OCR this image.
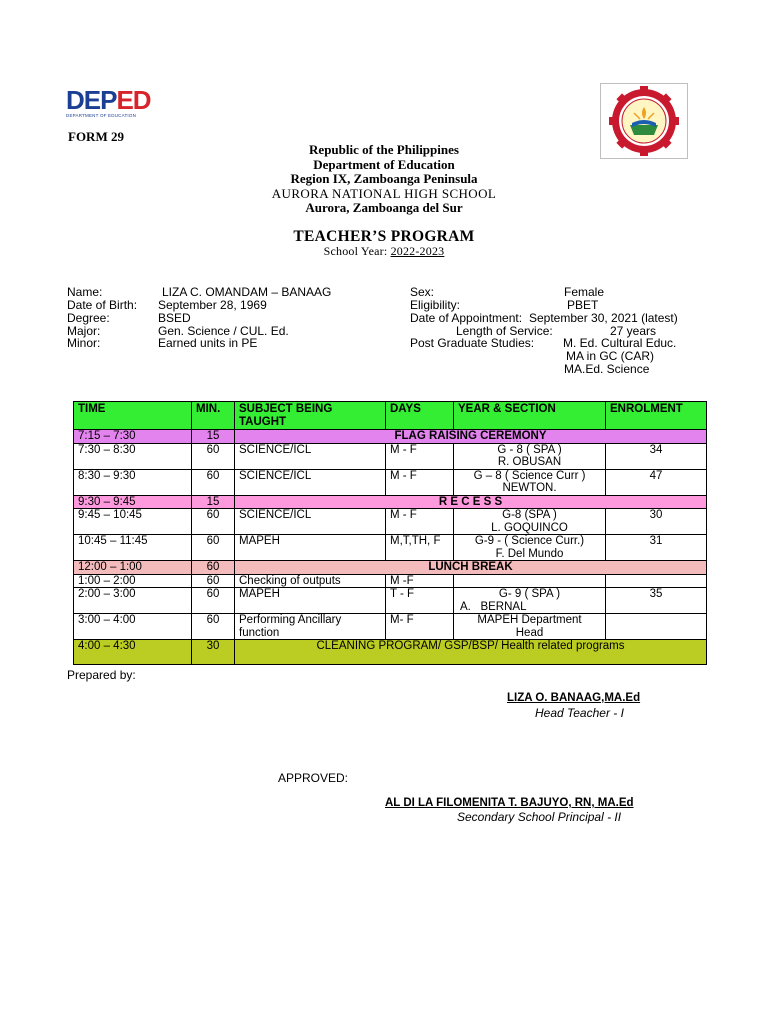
DEPED
DEPARTMENT OF EDUCATION
FORM 29
Republic of the Philippines
Department of Education
Region IX, Zamboanga Peninsula
AURORA NATIONAL HIGH SCHOOL
Aurora, Zamboanga del Sur
TEACHER’S PROGRAM
School Year: 2022-2023
Name:	LIZA C. OMANDAM – BANAAG
Date of Birth: September 28, 1969
Degree:	BSED
Major:	Gen. Science / CUL. Ed.
Minor:	Earned units in PE
Sex:	Female
Eligibility:	PBET
Date of Appointment: September 30, 2021 (latest)
Length of Service:	27 years
Post Graduate Studies: M. Ed. Cultural Educ.
MA in GC (CAR)
MA.Ed. Science
TIME	MIN.	SUBJECT BEING TAUGHT	DAYS	YEAR & SECTION	ENROLMENT
7:15 – 7:30	15	FLAG RAISING CEREMONY			
7:30 – 8:30	60	SCIENCE/ICL	M - F	G - 8 ( SPA )
R. OBUSAN	34
8:30 – 9:30	60	SCIENCE/ICL	M - F	G – 8 ( Science Curr )
NEWTON.	47
9:30 – 9:45	15	R E C E S S			
9:45 – 10:45	60	SCIENCE/ICL	M - F	G-8 (SPA )
L. GOQUINCO	30
10:45 – 11:45	60	MAPEH	M,T,TH, F	G-9 - ( Science Curr.)
F. Del Mundo	31
12:00 – 1:00	60	LUNCH BREAK			
1:00 – 2:00	60	Checking of outputs	M -F	

2:00 – 3:00	60	MAPEH	T - F	G- 9 ( SPA )
A.   BERNAL	35
3:00 – 4:00	60	Performing Ancillary function	M- F	MAPEH Department
Head	

4:00 – 4:30	30	CLEANING PROGRAM/ GSP/BSP/ Health related programs			
Prepared by:
LIZA O. BANAAG,MA.Ed
Head Teacher - I
APPROVED:
AL DI LA FILOMENITA T. BAJUYO, RN, MA.Ed
Secondary School Principal - II
